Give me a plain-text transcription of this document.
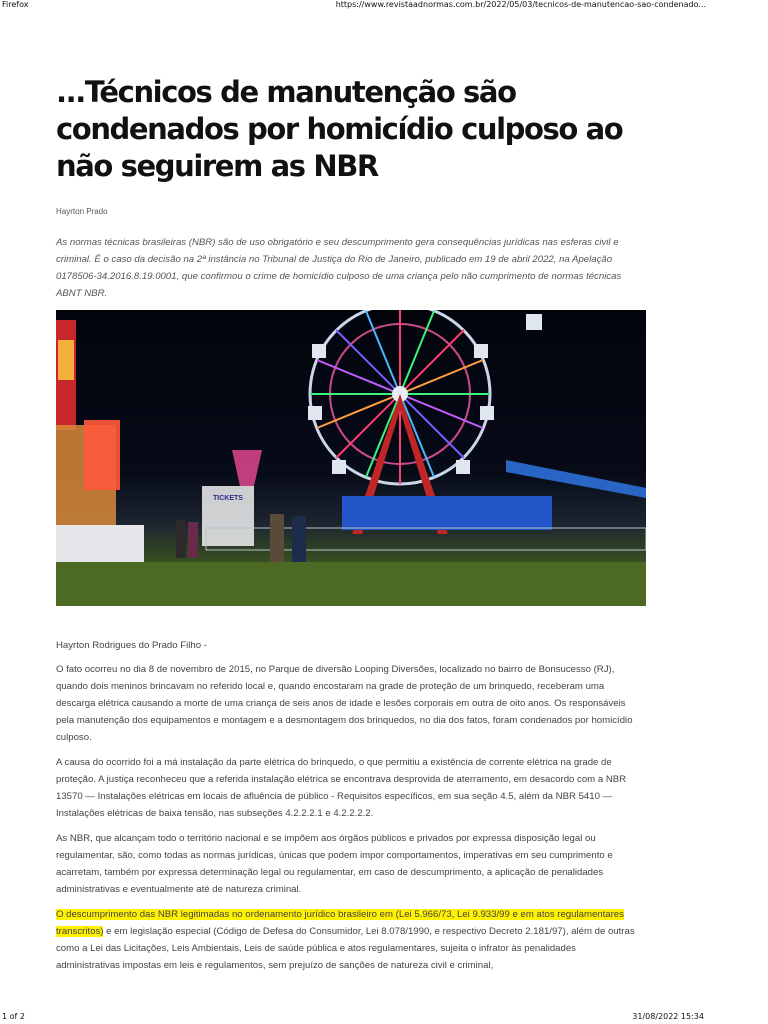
Firefox	https://www.revistaadnormas.com.br/2022/05/03/tecnicos-de-manutencao-sao-condenado...
...Técnicos de manutenção são condenados por homicídio culposo ao não seguirem as NBR
Hayrton Prado

As normas técnicas brasileiras (NBR) são de uso obrigatório e seu descumprimento gera consequências jurídicas nas esferas civil e criminal. É o caso da decisão na 2ª instância no Tribunal de Justiça do Rio de Janeiro, publicado em 19 de abril 2022, na Apelação 0178506-34.2016.8.19.0001, que confirmou o crime de homicídio culposo de uma criança pelo não cumprimento de normas técnicas ABNT NBR.

TICKETS

Hayrton Rodrigues do Prado Filho -

O fato ocorreu no dia 8 de novembro de 2015, no Parque de diversão Looping Diversões, localizado no bairro de Bonsucesso (RJ), quando dois meninos brincavam no referido local e, quando encostaram na grade de proteção de um brinquedo, receberam uma descarga elétrica causando a morte de uma criança de seis anos de idade e lesões corporais em outra de oito anos. Os responsáveis pela manutenção dos equipamentos e montagem e a desmontagem dos brinquedos, no dia dos fatos, foram condenados por homicídio culposo.

A causa do ocorrido foi a má instalação da parte elétrica do brinquedo, o que permitiu a existência de corrente elétrica na grade de proteção. A justiça reconheceu que a referida instalação elétrica se encontrava desprovida de aterramento, em desacordo com a NBR 13570 — Instalações elétricas em locais de afluência de público - Requisitos específicos, em sua seção 4.5, além da NBR 5410 — Instalações elétricas de baixa tensão, nas subseções 4.2.2.2.1 e 4.2.2.2.2.

As NBR, que alcançam todo o território nacional e se impõem aos órgãos públicos e privados por expressa disposição legal ou regulamentar, são, como todas as normas jurídicas, únicas que podem impor comportamentos, imperativas em seu cumprimento e acarretam, também por expressa determinação legal ou regulamentar, em caso de descumprimento, a aplicação de penalidades administrativas e eventualmente até de natureza criminal.

O descumprimento das NBR legitimadas no ordenamento jurídico brasileiro em (Lei 5.966/73, Lei 9.933/99 e em atos regulamentares transcritos) e em legislação especial (Código de Defesa do Consumidor, Lei 8.078/1990, e respectivo Decreto 2.181/97), além de outras como a Lei das Licitações, Leis Ambientais, Leis de saúde pública e atos regulamentares, sujeita o infrator às penalidades administrativas impostas em leis e regulamentos, sem prejuízo de sanções de natureza civil e criminal,

1 of 2	31/08/2022 15:34
